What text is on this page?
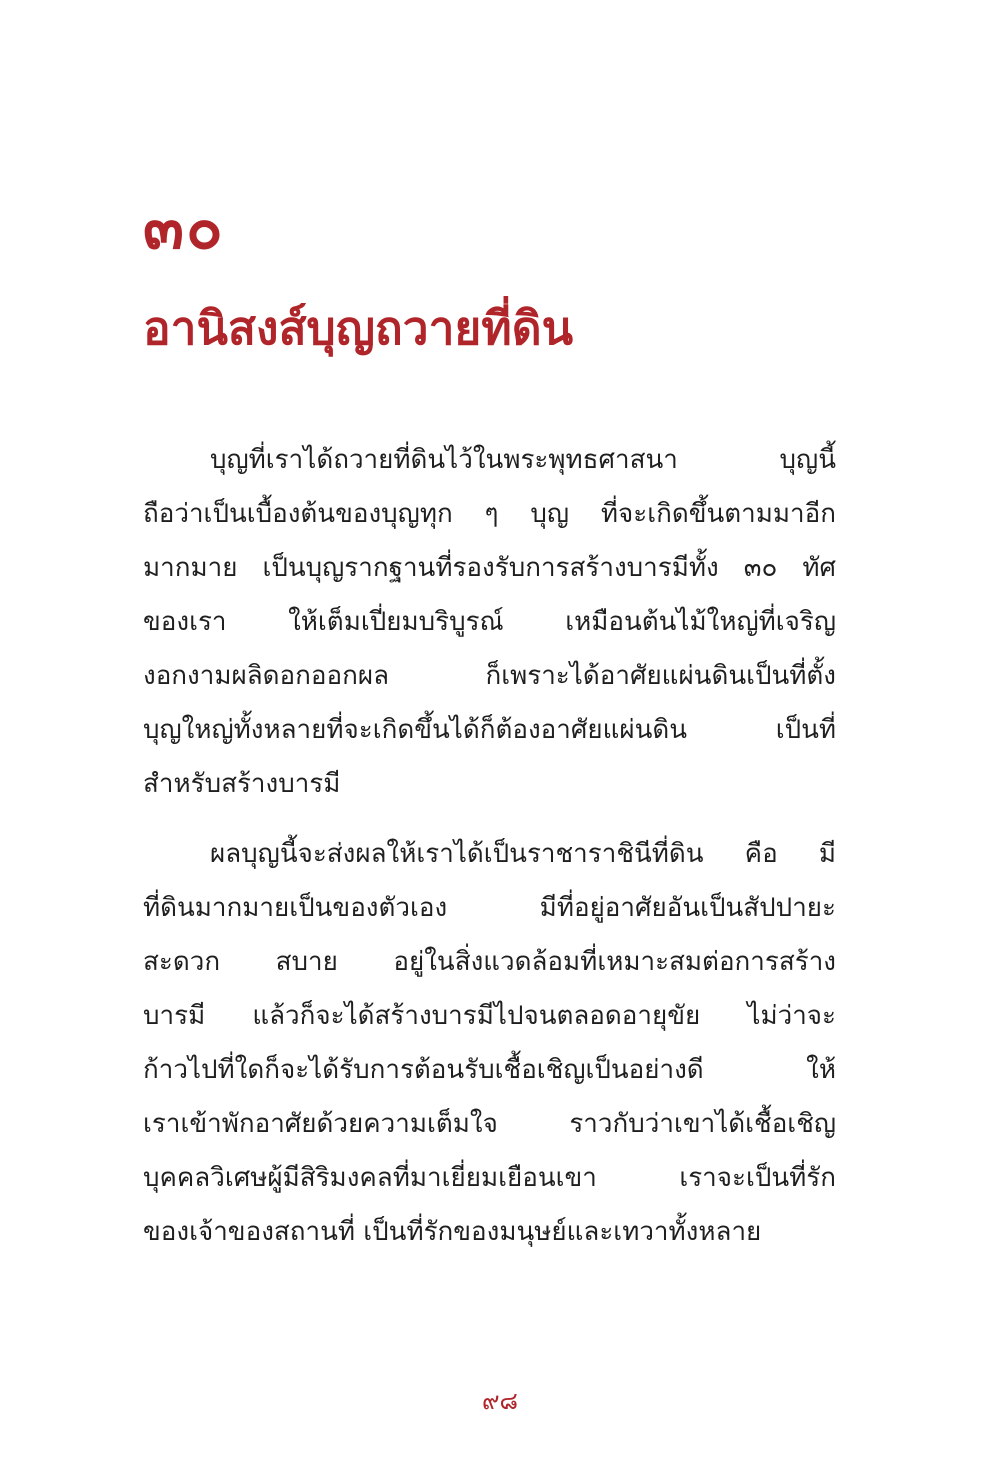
๓๐
อานิสงส์บุญถวายที่ดิน
บุญที่เราได้ถวายที่ดินไว้ในพระพุทธศาสนา บุญนี้
ถือว่าเป็นเบื้องต้นของบุญทุก ๆ บุญ ที่จะเกิดขึ้นตามมาอีก
มากมาย เป็นบุญรากฐานที่รองรับการสร้างบารมีทั้ง ๓๐ ทัศ
ของเรา ให้เต็มเปี่ยมบริบูรณ์ เหมือนต้นไม้ใหญ่ที่เจริญ
งอกงามผลิดอกออกผล ก็เพราะได้อาศัยแผ่นดินเป็นที่ตั้ง
บุญใหญ่ทั้งหลายที่จะเกิดขึ้นได้ก็ต้องอาศัยแผ่นดิน เป็นที่
สำหรับสร้างบารมี
ผลบุญนี้จะส่งผลให้เราได้เป็นราชาราชินีที่ดิน คือ มี
ที่ดินมากมายเป็นของตัวเอง มีที่อยู่อาศัยอันเป็นสัปปายะ
สะดวก สบาย อยู่ในสิ่งแวดล้อมที่เหมาะสมต่อการสร้าง
บารมี แล้วก็จะได้สร้างบารมีไปจนตลอดอายุขัย ไม่ว่าจะ
ก้าวไปที่ใดก็จะได้รับการต้อนรับเชื้อเชิญเป็นอย่างดี ให้
เราเข้าพักอาศัยด้วยความเต็มใจ ราวกับว่าเขาได้เชื้อเชิญ
บุคคลวิเศษผู้มีสิริมงคลที่มาเยี่ยมเยือนเขา เราจะเป็นที่รัก
ของเจ้าของสถานที่ เป็นที่รักของมนุษย์และเทวาทั้งหลาย

๙๘
